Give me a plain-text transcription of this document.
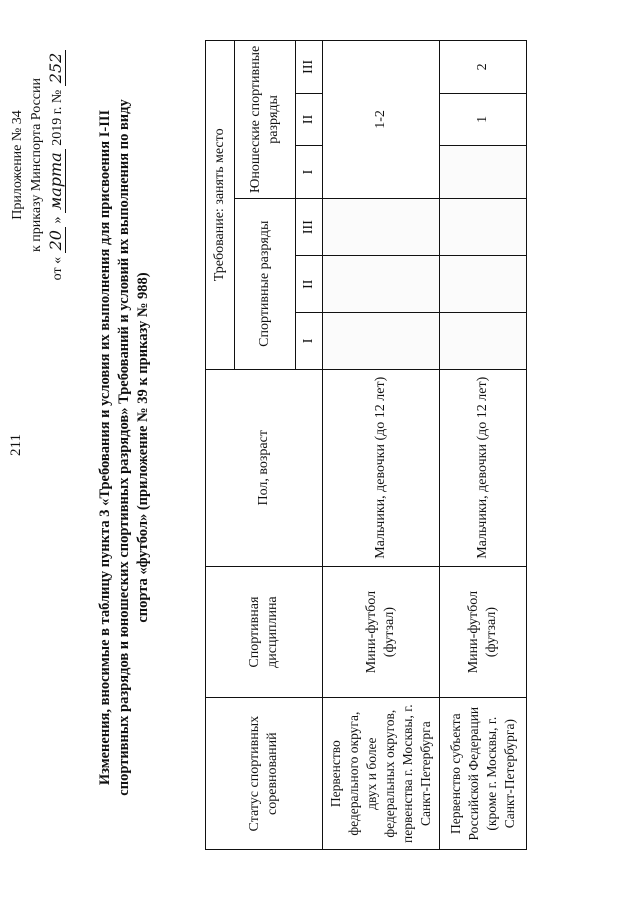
211
Приложение № 34 к приказу Минспорта России
от « 20 » марта 2019 г. № 252
Изменения, вносимые в таблицу пункта 3 «Требования и условия их выполнения для присвоения I-III спортивных разрядов и юношеских спортивных разрядов» Требований и условий их выполнения по виду спорта «футбол» (приложение № 39 к приказу № 988)
Статус спортивных соревнований	Спортивная дисциплина	Пол, возраст	Требование: занять место					
			Спортивные разряды			Юношеские спортивные разряды		
			I	II	III	I	II	III
Первенство федерального округа, двух и более федеральных округов, первенства г. Москвы, г. Санкт-Петербурга	Мини-футбол (футзал)	Мальчики, девочки (до 12 лет)				1-2		
Первенство субъекта Российской Федерации (кроме г. Москвы, г. Санкт-Петербурга)	Мини-футбол (футзал)	Мальчики, девочки (до 12 лет)					1	2
